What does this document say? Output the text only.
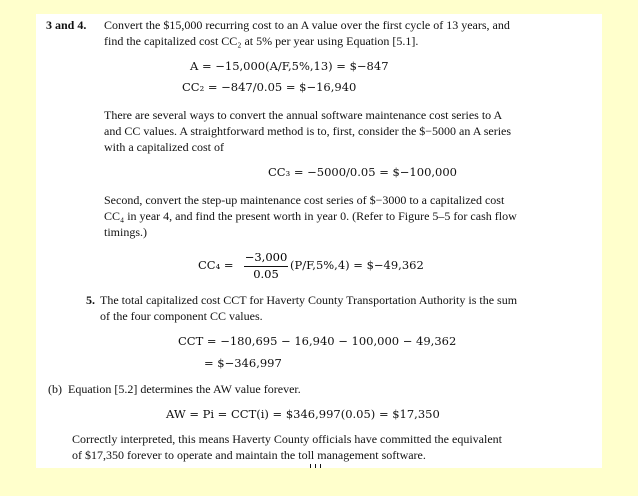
3 and 4. Convert the $15,000 recurring cost to an A value over the first cycle of 13 years, and
find the capitalized cost CC₂ at 5% per year using Equation [5.1].
A = −15,000(A/F,5%,13) = $−847
CC₂ = −847/0.05 = $−16,940
There are several ways to convert the annual software maintenance cost series to A
and CC values. A straightforward method is to, first, consider the $−5000 an A series
with a capitalized cost of
CC₃ = −5000/0.05 = $−100,000
Second, convert the step-up maintenance cost series of $−3000 to a capitalized cost
CC₄ in year 4, and find the present worth in year 0. (Refer to Figure 5–5 for cash flow
timings.)
CC₄ =
−3,000
0.05
(P/F,5%,4) = $−49,362
5. The total capitalized cost CCT for Haverty County Transportation Authority is the sum
of the four component CC values.
CCT = −180,695 − 16,940 − 100,000 − 49,362
= $−346,997
(b) Equation [5.2] determines the AW value forever.
AW = Pi = CCT(i) = $346,997(0.05) = $17,350
Correctly interpreted, this means Haverty County officials have committed the equivalent
of $17,350 forever to operate and maintain the toll management software.
